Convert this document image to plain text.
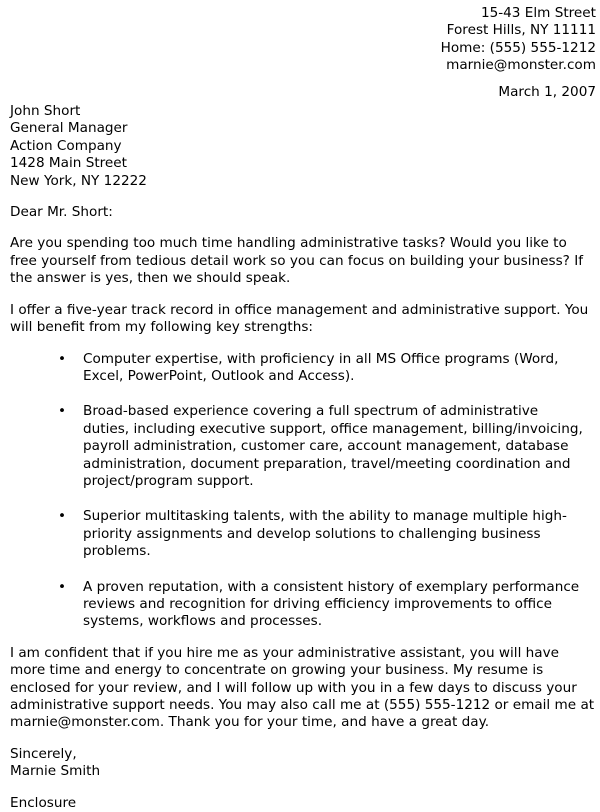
15-43 Elm Street
Forest Hills, NY 11111
Home: (555) 555-1212
marnie@monster.com
March 1, 2007
John Short
General Manager
Action Company
1428 Main Street
New York, NY 12222
Dear Mr. Short:

Are you spending too much time handling administrative tasks? Would you like to free yourself from tedious detail work so you can focus on building your business? If the answer is yes, then we should speak.

I offer a five-year track record in office management and administrative support. You will benefit from my following key strengths:

• Computer expertise, with proficiency in all MS Office programs (Word, Excel, PowerPoint, Outlook and Access).
• Broad-based experience covering a full spectrum of administrative duties, including executive support, office management, billing/invoicing, payroll administration, customer care, account management, database administration, document preparation, travel/meeting coordination and project/program support.
• Superior multitasking talents, with the ability to manage multiple high-priority assignments and develop solutions to challenging business problems.
• A proven reputation, with a consistent history of exemplary performance reviews and recognition for driving efficiency improvements to office systems, workflows and processes.

I am confident that if you hire me as your administrative assistant, you will have more time and energy to concentrate on growing your business. My resume is enclosed for your review, and I will follow up with you in a few days to discuss your administrative support needs. You may also call me at (555) 555-1212 or email me at marnie@monster.com. Thank you for your time, and have a great day.

Sincerely,
Marnie Smith
Enclosure
